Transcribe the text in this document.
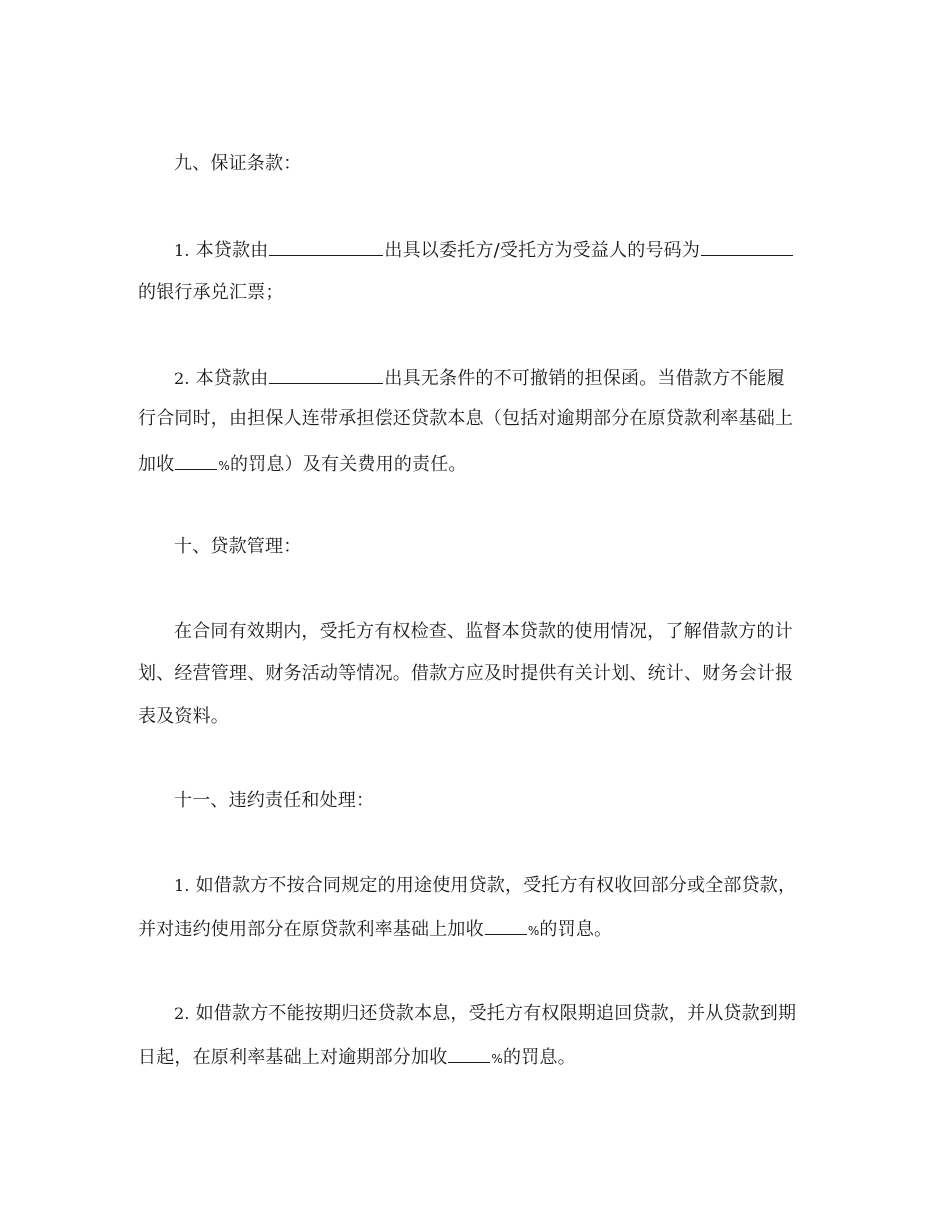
九、保证条款：
1. 本贷款由	出具以委托方/受托方为受益人的号码为
的银行承兑汇票；
2. 本贷款由	出具无条件的不可撤销的担保函。当借款方不能履
行合同时，由担保人连带承担偿还贷款本息（包括对逾期部分在原贷款利率基础上
加收	%的罚息）及有关费用的责任。
十、贷款管理：
在合同有效期内，受托方有权检查、监督本贷款的使用情况，了解借款方的计
划、经营管理、财务活动等情况。借款方应及时提供有关计划、统计、财务会计报
表及资料。
十一、违约责任和处理：
1. 如借款方不按合同规定的用途使用贷款，受托方有权收回部分或全部贷款，
并对违约使用部分在原贷款利率基础上加收	%的罚息。
2. 如借款方不能按期归还贷款本息，受托方有权限期追回贷款，并从贷款到期
日起，在原利率基础上对逾期部分加收	%的罚息。
